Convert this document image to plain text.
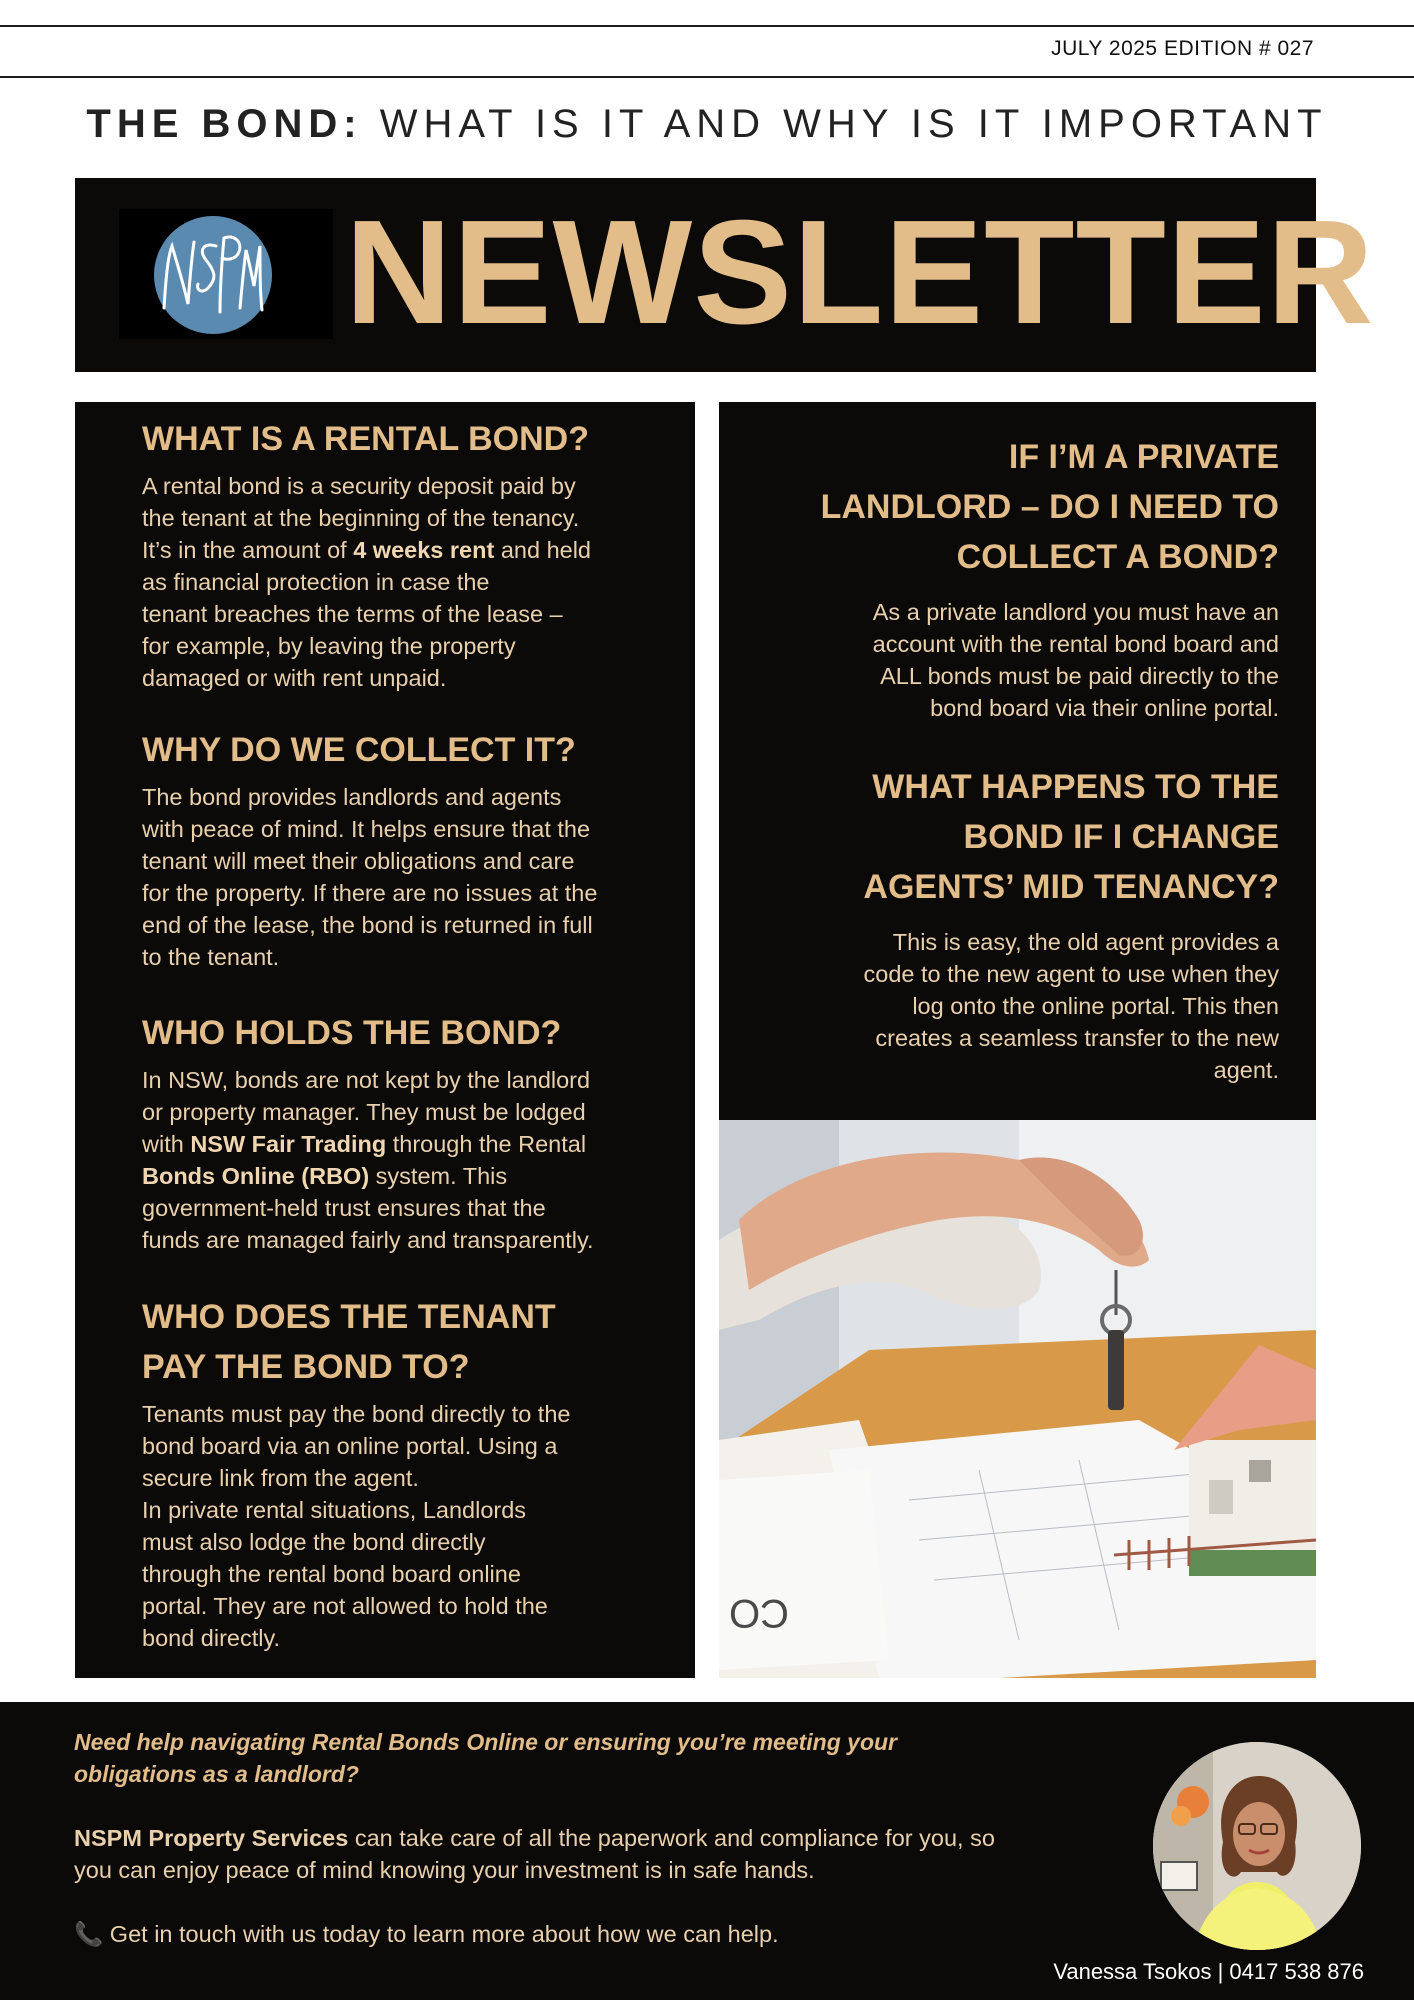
JULY 2025 EDITION # 027
THE BOND: WHAT IS IT AND WHY IS IT IMPORTANT
NEWSLETTER
WHAT IS A RENTAL BOND?

A rental bond is a security deposit paid by
the tenant at the beginning of the tenancy.
It’s in the amount of 4 weeks rent and held
as financial protection in case the
tenant breaches the terms of the lease –
for example, by leaving the property
damaged or with rent unpaid.

WHY DO WE COLLECT IT?

The bond provides landlords and agents
with peace of mind. It helps ensure that the
tenant will meet their obligations and care
for the property. If there are no issues at the
end of the lease, the bond is returned in full
to the tenant.

WHO HOLDS THE BOND?

In NSW, bonds are not kept by the landlord
or property manager. They must be lodged
with NSW Fair Trading through the Rental
Bonds Online (RBO) system. This
government-held trust ensures that the
funds are managed fairly and transparently.

WHO DOES THE TENANT
PAY THE BOND TO?

Tenants must pay the bond directly to the
bond board via an online portal. Using a
secure link from the agent.
In private rental situations, Landlords
must also lodge the bond directly
through the rental bond board online
portal. They are not allowed to hold the
bond directly.

IF I’M A PRIVATE
LANDLORD – DO I NEED TO
COLLECT A BOND?

As a private landlord you must have an
account with the rental bond board and
ALL bonds must be paid directly to the
bond board via their online portal.

WHAT HAPPENS TO THE
BOND IF I CHANGE
AGENTS’ MID TENANCY?

This is easy, the old agent provides a
code to the new agent to use when they
log onto the online portal. This then
creates a seamless transfer to the new
agent.

CO
Need help navigating Rental Bonds Online or ensuring you’re meeting your
obligations as a landlord?
NSPM Property Services can take care of all the paperwork and compliance for you, so
you can enjoy peace of mind knowing your investment is in safe hands.
📞 Get in touch with us today to learn more about how we can help.
Vanessa Tsokos | 0417 538 876
